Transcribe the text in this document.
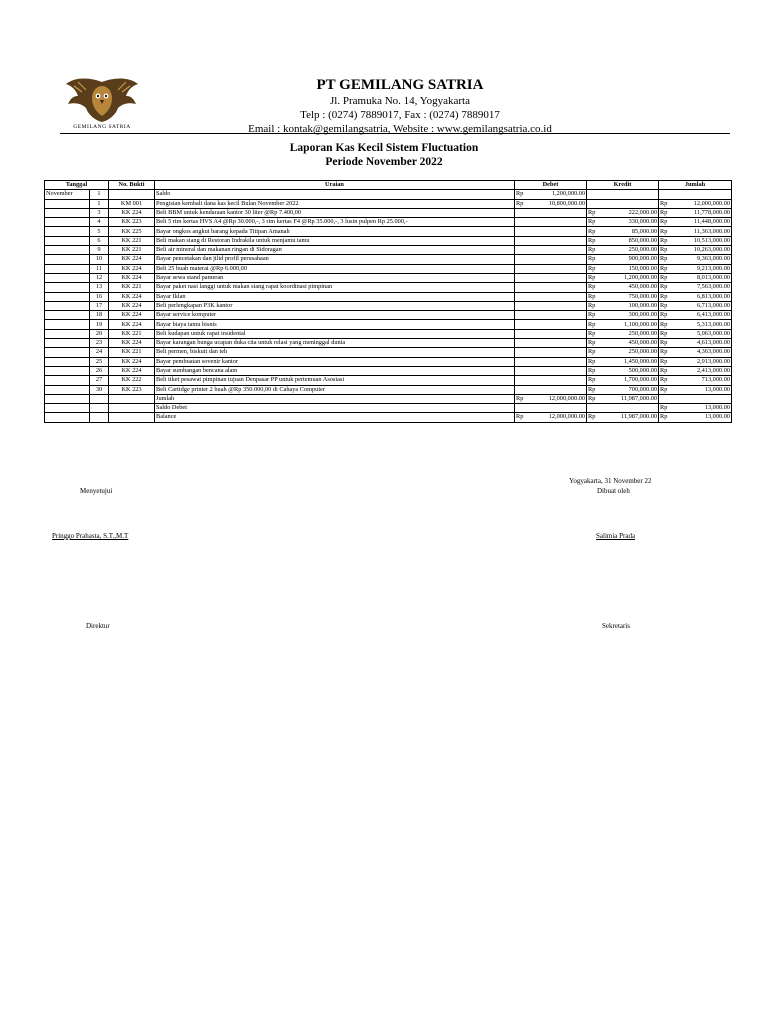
GEMILANG SATRIA
PT GEMILANG SATRIA
Jl. Pramuka No. 14, Yogyakarta
Telp : (0274) 7889017, Fax : (0274) 7889017
Email : kontak@gemilangsatria, Website : www.gemilangsatria.co.id
Laporan Kas Kecil Sistem Fluctuation
Periode November 2022
Tanggal		No. Bukti	Uraian	Debet	Kredit	Jumlah
November	1		Saldo	Rp 1,200,000.00		

	1	KM 001	Pengisian kembali dana kas kecil Bulan November 2022	Rp 10,800,000.00		Rp 12,000,000.00

	3	KK 224	Beli BBM untuk kendaraan kantor 30 liter @Rp 7.400,00		Rp 222,000.00	Rp 11,778,000.00

	4	KK 223	Beli 5 rim kertas HVS A4 @Rp 30.000,-, 3 rim kertas F4 @Rp 35.000,-, 3 lusin pulpen Rp 25.000,-		Rp 330,000.00	Rp 11,448,000.00

	5	KK 225	Bayar ongkos angkut barang kepada Titipan Amanah		Rp 85,000.00	Rp 11,363,000.00

	6	KK 221	Beli makan siang di Restoran Indrakila untuk menjamu tamu		Rp 850,000.00	Rp 10,513,000.00

	9	KK 221	Beli air mineral dan makanan ringan di Sidoragan		Rp 250,000.00	Rp 10,263,000.00

	10	KK 224	Bayar pencetakan dan jilid profil perusahaan		Rp 900,000.00	Rp 9,363,000.00

	11	KK 224	Beli 25 buah materai @Rp 6.000,00		Rp 150,000.00	Rp 9,213,000.00

	12	KK 224	Bayar sewa stand pameran		Rp 1,200,000.00	Rp 8,013,000.00

	13	KK 221	Bayar paket nasi langgi untuk makan siang rapat koordinasi pimpinan		Rp 450,000.00	Rp 7,563,000.00

	16	KK 224	Bayar Iklan		Rp 750,000.00	Rp 6,813,000.00

	17	KK 224	Beli perlengkapan P3K kantor		Rp 100,000.00	Rp 6,713,000.00

	18	KK 224	Bayar service komputer		Rp 300,000.00	Rp 6,413,000.00

	19	KK 224	Bayar biaya tamu bisnis		Rp 1,100,000.00	Rp 5,313,000.00

	20	KK 221	Beli kudapan untuk rapat insidental		Rp 250,000.00	Rp 5,063,000.00

	23	KK 224	Bayar karangan bunga ucapan duka cita untuk relasi yang meninggal dunia		Rp 450,000.00	Rp 4,613,000.00

	24	KK 221	Beli permen, biskuit dan teh		Rp 250,000.00	Rp 4,363,000.00

	25	KK 224	Bayar pembuatan sovenir kantor		Rp 1,450,000.00	Rp 2,913,000.00

	26	KK 224	Bayar sumbangan bencana alam		Rp 500,000.00	Rp 2,413,000.00

	27	KK 222	Beli tiket pesawat pimpinan tujuan Denpasar PP untuk pertemuan Asosiasi		Rp 1,700,000.00	Rp 713,000.00

	30	KK 223	Beli Cartidge printer 2 buah @Rp 350.000,00 di Cahaya Computer		Rp 700,000.00	Rp 13,000.00

			Jumlah	Rp 12,000,000.00	Rp 11,987,000.00	

			Saldo Debet			Rp 13,000.00

			Balance	Rp 12,000,000.00	Rp 11,987,000.00	Rp 13,000.00
Yogyakarta, 31 November 22
Menyetujui	Dibuat oleh
Pringgo Prahasta, S.T.,M.T	Salimia Prada
Direktur	Sekretaris
